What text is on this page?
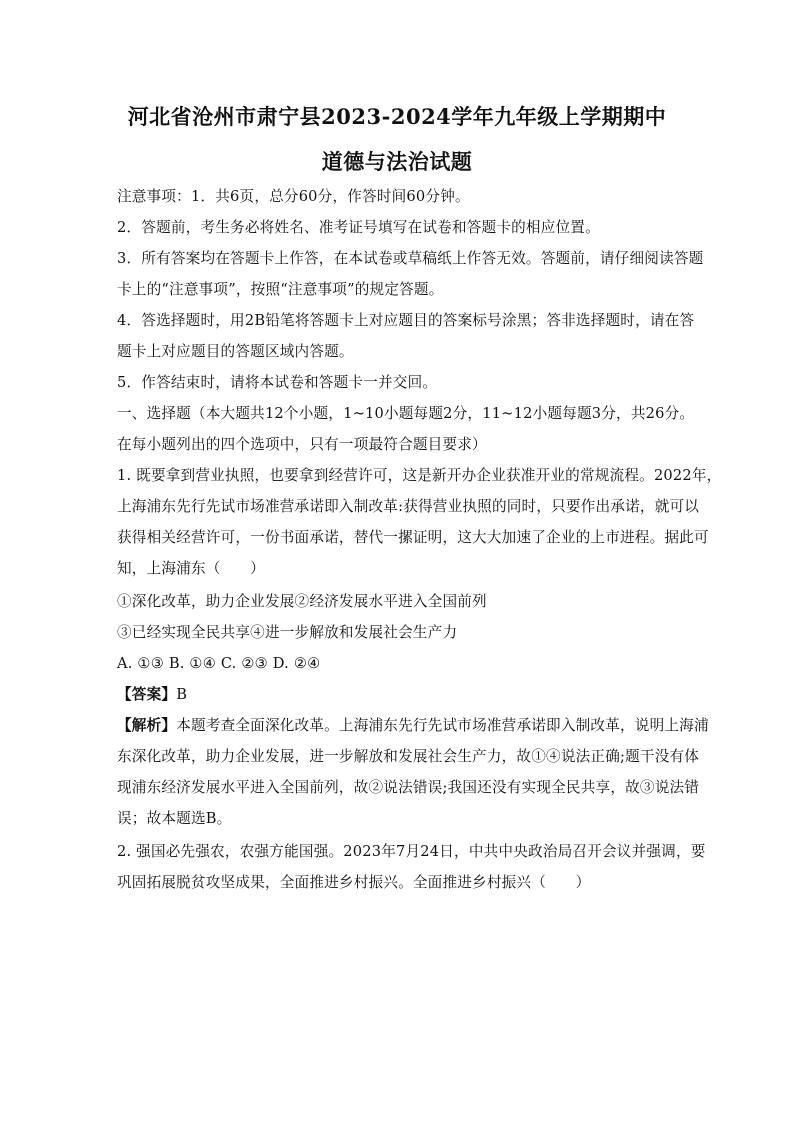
河北省沧州市肃宁县2023-2024学年九年级上学期期中
道德与法治试题
注意事项：1．共6页，总分60分，作答时间60分钟。
2．答题前，考生务必将姓名、准考证号填写在试卷和答题卡的相应位置。
3．所有答案均在答题卡上作答，在本试卷或草稿纸上作答无效。答题前，请仔细阅读答题
卡上的“注意事项”，按照“注意事项”的规定答题。
4．答选择题时，用2B铅笔将答题卡上对应题目的答案标号涂黑；答非选择题时，请在答
题卡上对应题目的答题区域内答题。
5．作答结束时，请将本试卷和答题卡一并交回。
一、选择题（本大题共12个小题，1~10小题每题2分，11~12小题每题3分，共26分。
在每小题列出的四个选项中，只有一项最符合题目要求）
1. 既要拿到营业执照，也要拿到经营许可，这是新开办企业获准开业的常规流程。2022年，
上海浦东先行先试市场准营承诺即入制改革:获得营业执照的同时，只要作出承诺，就可以
获得相关经营许可，一份书面承诺，替代一摞证明，这大大加速了企业的上市进程。据此可
知，上海浦东（　　）
①深化改革，助力企业发展②经济发展水平进入全国前列
③已经实现全民共享④进一步解放和发展社会生产力
A. ①③ B. ①④ C. ②③ D. ②④
【答案】B
【解析】本题考查全面深化改革。上海浦东先行先试市场准营承诺即入制改革，说明上海浦
东深化改革，助力企业发展，进一步解放和发展社会生产力，故①④说法正确;题干没有体
现浦东经济发展水平进入全国前列，故②说法错误;我国还没有实现全民共享，故③说法错
误；故本题选B。
2. 强国必先强农，农强方能国强。2023年7月24日，中共中央政治局召开会议并强调，要
巩固拓展脱贫攻坚成果，全面推进乡村振兴。全面推进乡村振兴（　　）
